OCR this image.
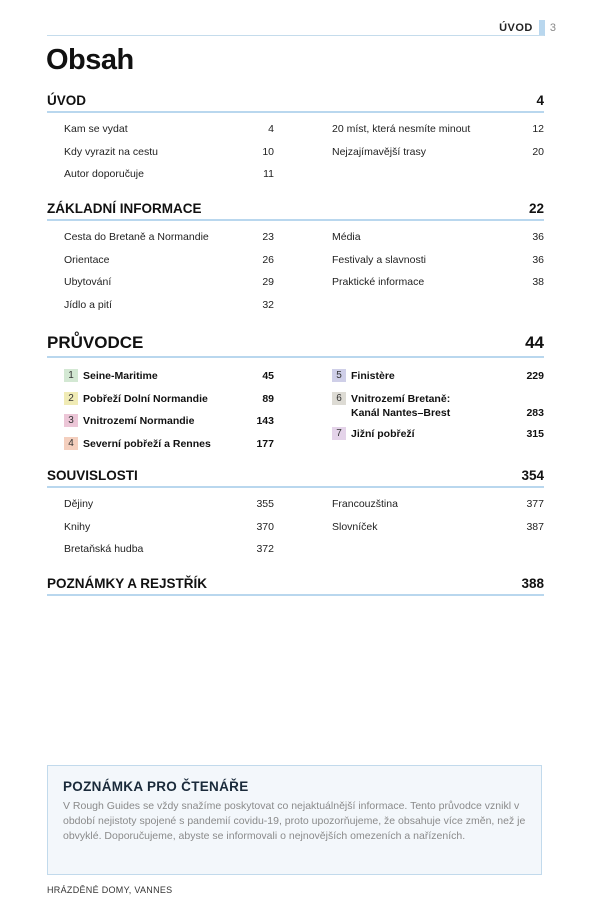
ÚVOD 3
Obsah
ÚVOD	4
Kam se vydat	4
Kdy vyrazit na cestu	10
Autor doporučuje	11
20 míst, která nesmíte minout	12
Nejzajímavější trasy	20
ZÁKLADNÍ INFORMACE	22
Cesta do Bretaně a Normandie	23
Orientace	26
Ubytování	29
Jídlo a pití	32
Média	36
Festivaly a slavnosti	36
Praktické informace	38
PRŮVODCE	44
1 Seine-Maritime	45
2 Pobřeží Dolní Normandie	89
3 Vnitrozemí Normandie	143
4 Severní pobřeží a Rennes	177
5 Finistère	229
6 Vnitrozemí Bretaně:
Kanál Nantes–Brest	283
7 Jižní pobřeží	315
SOUVISLOSTI	354
Dějiny	355
Knihy	370
Bretaňská hudba	372
Francouzština	377
Slovníček	387
POZNÁMKY A REJSTŘÍK	388
POZNÁMKA PRO ČTENÁŘE

V Rough Guides se vždy snažíme poskytovat co nejaktuálnější informace. Tento průvodce vznikl v období nejistoty spojené s pandemií covidu-19, proto upozorňujeme, že obsahuje více změn, než je obvyklé. Doporučujeme, abyste se informovali o nejnovějších omezeních a nařízeních.

HRÁZDĚNÉ DOMY, VANNES
